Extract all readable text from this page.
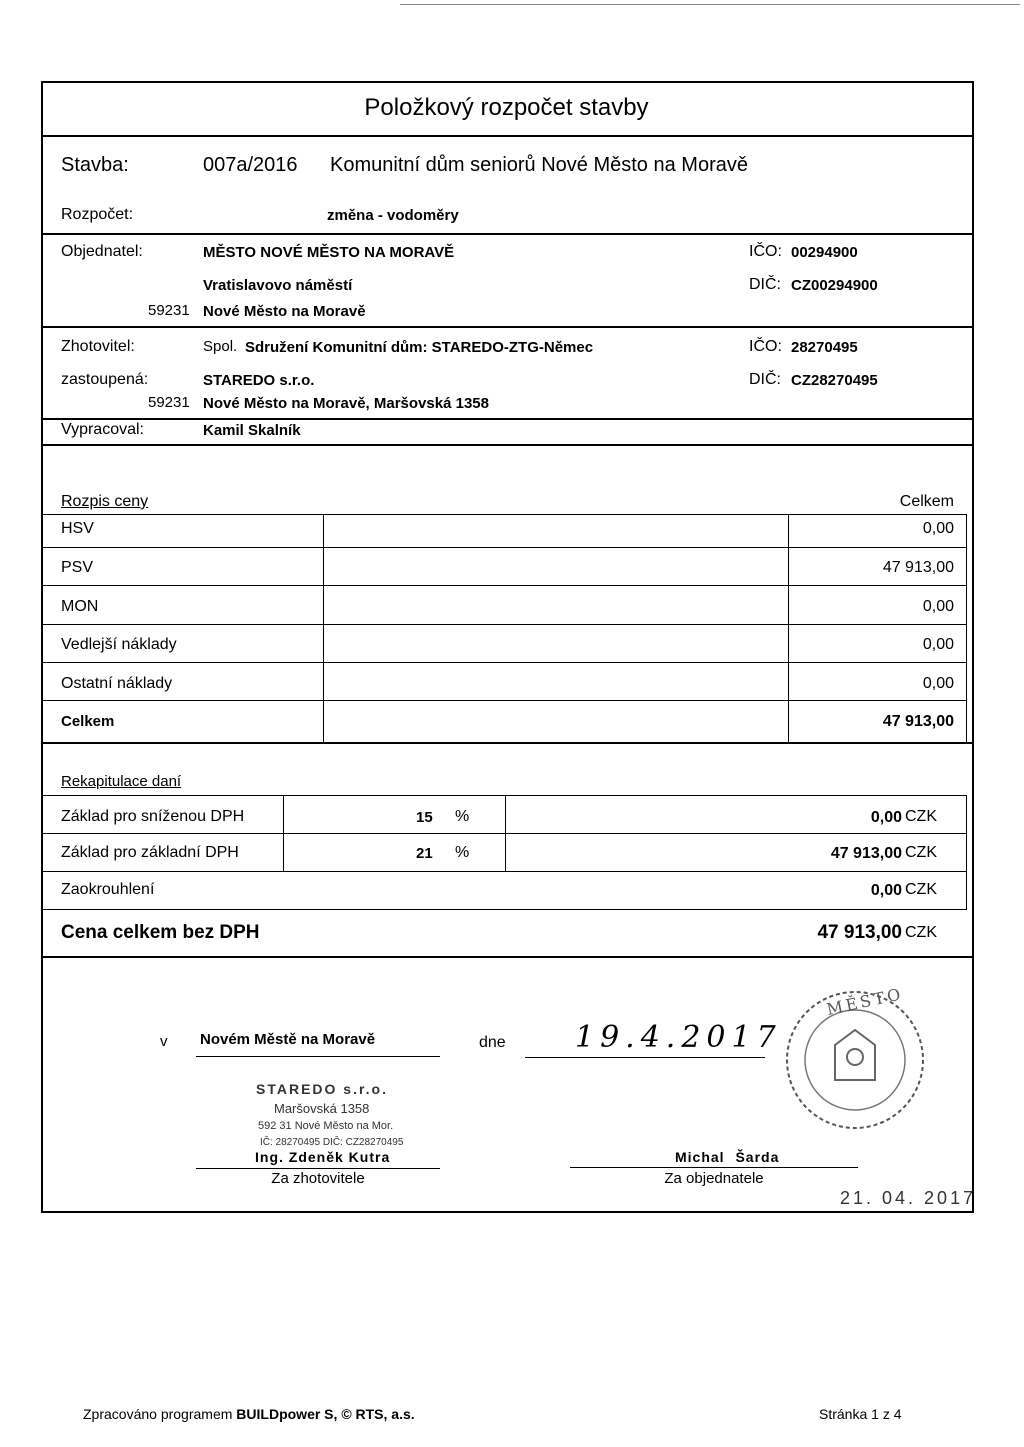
Položkový rozpočet stavby
Stavba:	007a/2016 Komunitní dům seniorů Nové Město na Moravě
Rozpočet:	změna - vodoměry
Objednatel:	MĚSTO NOVÉ MĚSTO NA MORAVĚ	IČO: 00294900
Vratislavovo náměstí	DIČ: CZ00294900
59231 Nové Město na Moravě
Zhotovitel:	Spol. Sdružení Komunitní dům: STAREDO-ZTG-Němec	IČO: 28270495
zastoupená:	STAREDO s.r.o.	DIČ: CZ28270495
59231 Nové Město na Moravě, Maršovská 1358
Vypracoval:	Kamil Skalník
Rozpis ceny	Celkem
HSV	0,00
PSV	47 913,00
MON	0,00
Vedlejší náklady	0,00
Ostatní náklady	0,00
Celkem	47 913,00
Rekapitulace daní
Základ pro sníženou DPH	15 %	0,00 CZK
Základ pro základní DPH	21 %	47 913,00 CZK
Zaokrouhlení	0,00 CZK
Cena celkem bez DPH	47 913,00 CZK
v Novém Městě na Moravě	dne 19.4.2017
STAREDO s.r.o.
Maršovská 1358
592 31 Nové Město na Mor.
IČ: 28270495 DIČ: CZ28270495
Ing. Zdeněk Kutra
Za zhotovitele
Michal Šarda
Za objednatele
MĚSTO
21. 04. 2017
Zpracováno programem BUILDpower S, © RTS, a.s.	Stránka 1 z 4
